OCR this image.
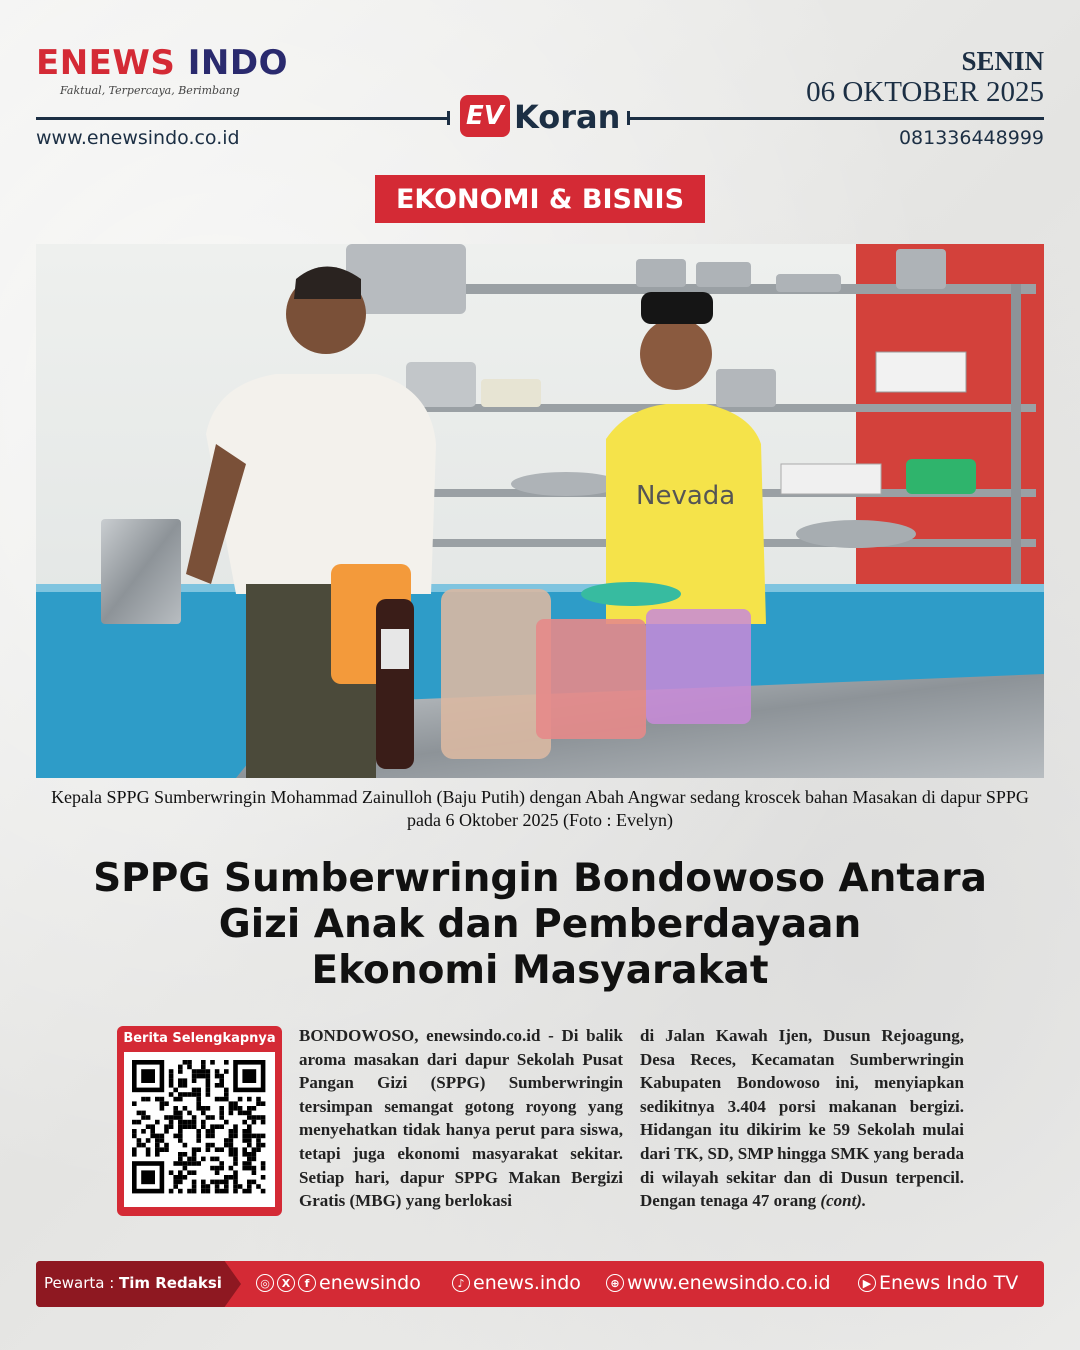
ENEWS INDO
Faktual, Terpercaya, Berimbang
SENIN
06 OKTOBER 2025
EV Koran
www.enewsindo.co.id	081336448999
EKONOMI & BISNIS
Nevada
Kepala SPPG Sumberwringin Mohammad Zainulloh (Baju Putih) dengan Abah Angwar sedang kroscek bahan Masakan di dapur SPPG pada 6 Oktober 2025 (Foto : Evelyn)
SPPG Sumberwringin Bondowoso Antara
Gizi Anak dan Pemberdayaan
Ekonomi Masyarakat
Berita Selengkapnya	BONDOWOSO, enewsindo.co.id - Di balik aroma masakan dari dapur Sekolah Pusat Pangan Gizi (SPPG) Sumberwringin tersimpan semangat gotong royong yang menyehatkan tidak hanya perut para siswa, tetapi juga ekonomi masyarakat sekitar. Setiap hari, dapur SPPG Makan Bergizi Gratis (MBG) yang berlokasi
di Jalan Kawah Ijen, Dusun Rejoagung, Desa Reces, Kecamatan Sumberwringin Kabupaten Bondowoso ini, menyiapkan sedikitnya 3.404 porsi makanan bergizi. Hidangan itu dikirim ke 59 Sekolah mulai dari TK, SD, SMP hingga SMK yang berada di wilayah sekitar dan di Dusun terpencil. Dengan tenaga 47 orang (cont).
Pewarta : Tim Redaksi	◎	X	f enewsindo	♪ enews.indo	⊕ www.enewsindo.co.id	▶ Enews Indo TV
